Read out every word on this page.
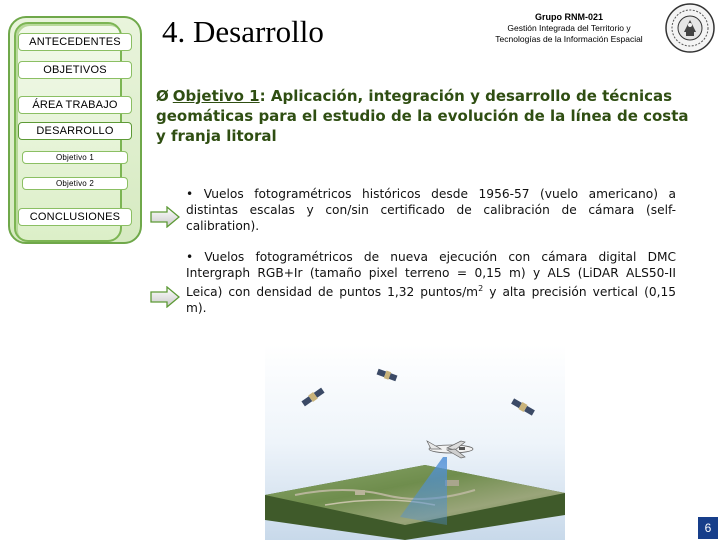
ANTECEDENTES
OBJETIVOS
ÁREA TRABAJO
DESARROLLO
Objetivo 1
Objetivo 2
CONCLUSIONES
4. Desarrollo	Grupo RNM-021
Gestión Integrada del Territorio y
Tecnologías de la Información Espacial
Ø Objetivo 1: Aplicación, integración y desarrollo de técnicas geomáticas para el estudio de la evolución de la línea de costa y franja litoral
• Vuelos fotogramétricos históricos desde 1956-57 (vuelo americano) a distintas escalas y con/sin certificado de calibración de cámara (self-calibration).
• Vuelos fotogramétricos de nueva ejecución con cámara digital DMC Intergraph RGB+Ir (tamaño pixel terreno = 0,15 m) y ALS (LiDAR ALS50-II Leica) con densidad de puntos 1,32 puntos/$m^2$ y alta precisión vertical (0,15 m).
6
